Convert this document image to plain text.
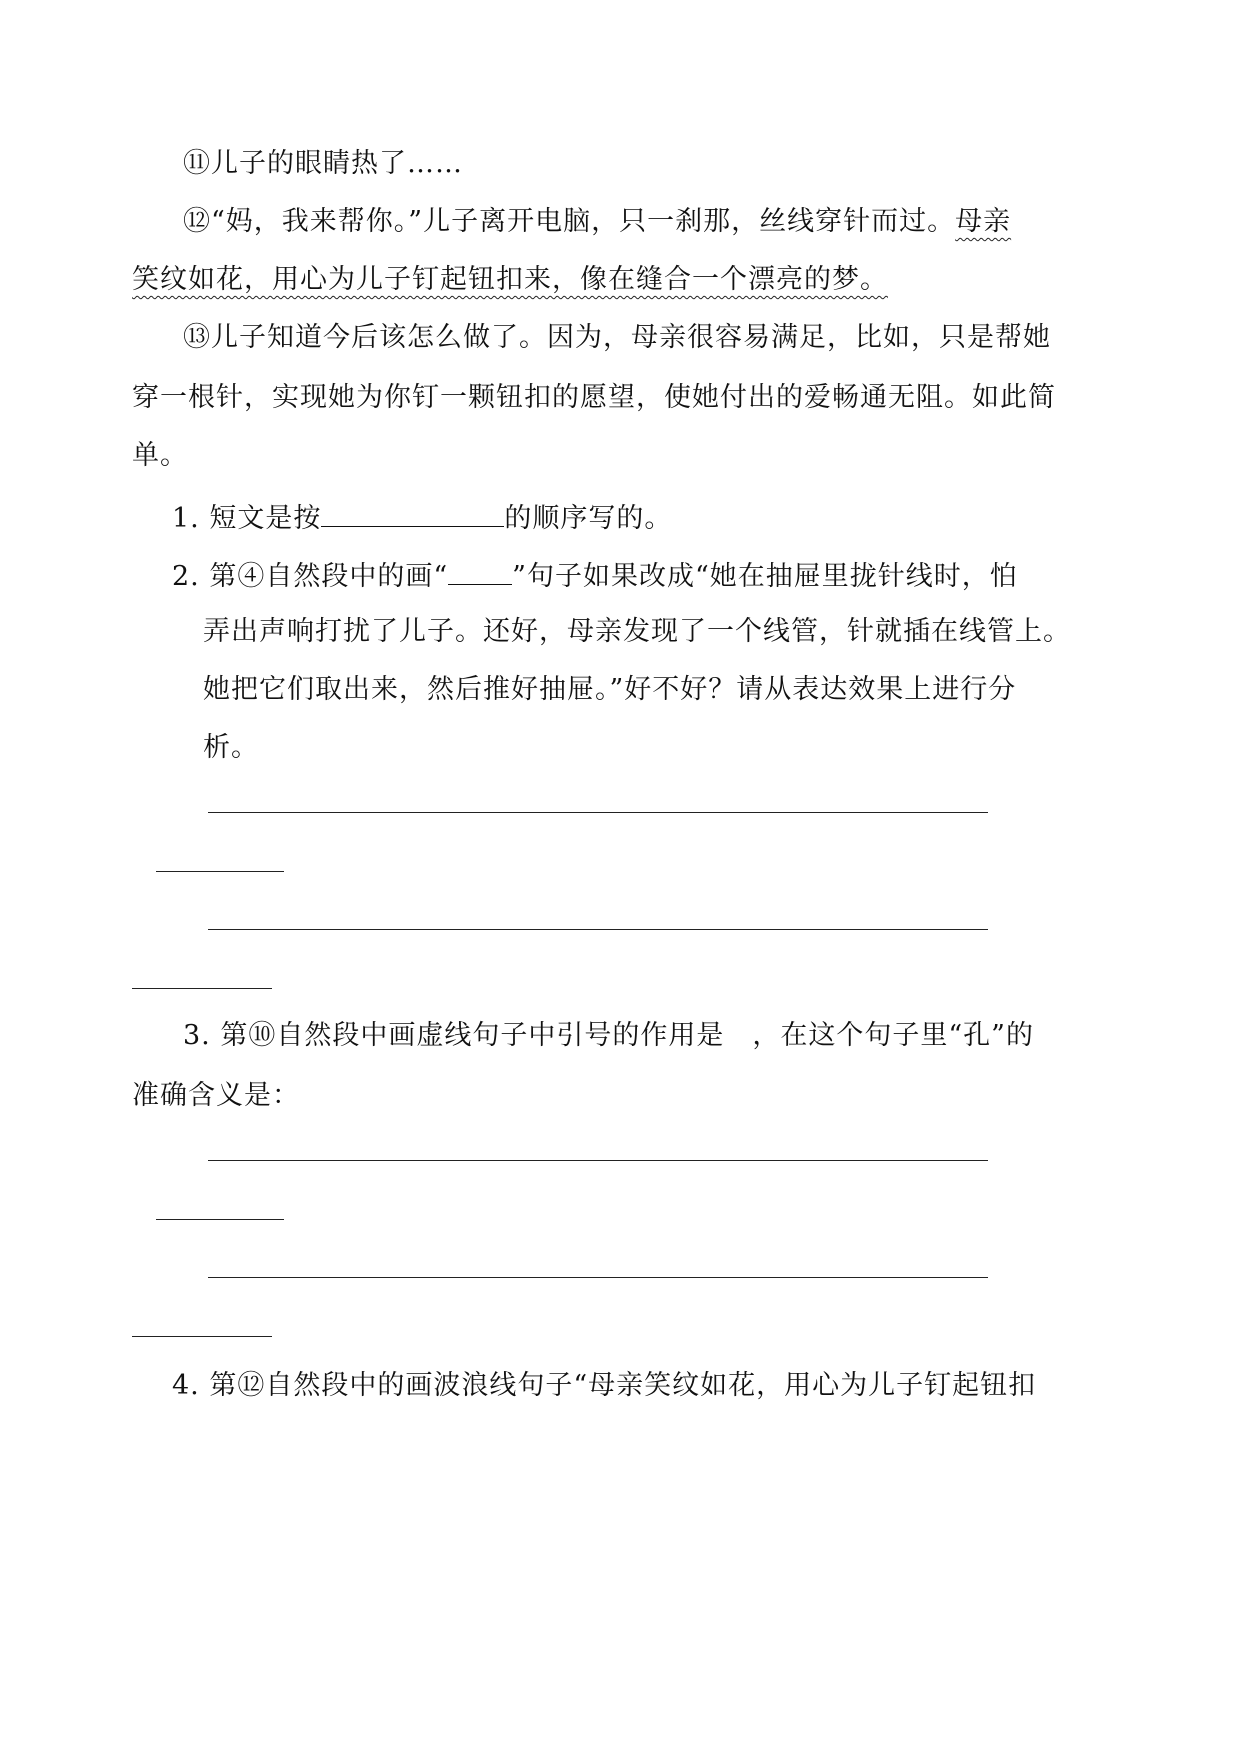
⑪儿子的眼睛热了……
⑫“妈，我来帮你。”儿子离开电脑，只一刹那，丝线穿针而过。母亲
笑纹如花，用心为儿子钉起钮扣来，像在缝合一个漂亮的梦。
⑬儿子知道今后该怎么做了。因为，母亲很容易满足，比如，只是帮她
穿一根针，实现她为你钉一颗钮扣的愿望，使她付出的爱畅通无阻。如此简
单。
1. 短文是按	的顺序写的。
2. 第④自然段中的画“ ”句子如果改成“她在抽屉里拢针线时，怕
弄出声响打扰了儿子。还好，母亲发现了一个线管，针就插在线管上。
她把它们取出来，然后推好抽屉。”好不好？请从表达效果上进行分
析。
3. 第⑩自然段中画虚线句子中引号的作用是　，在这个句子里“孔”的
准确含义是：
4. 第⑫自然段中的画波浪线句子“母亲笑纹如花，用心为儿子钉起钮扣
